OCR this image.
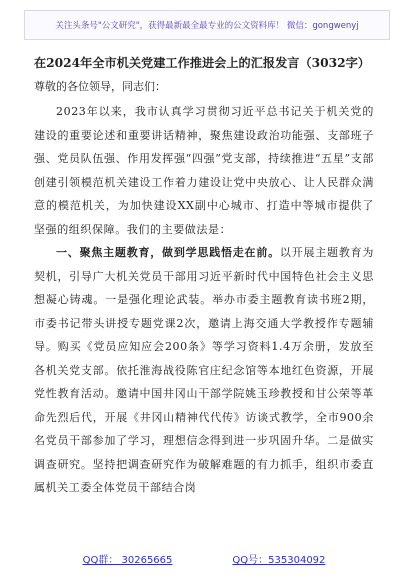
关注头条号"公文研究"，获得最新最全最专业的公文资料库！ 微信：gongwenyj
在2024年全市机关党建工作推进会上的汇报发言（3032字）
尊敬的各位领导，同志们：

2023年以来，我市认真学习贯彻习近平总书记关于机关党的建设的重要论述和重要讲话精神，聚焦建设政治功能强、支部班子强、党员队伍强、作用发挥强“四强”党支部，持续推进“五星”支部创建引领模范机关建设工作着力建设让党中央放心、让人民群众满意的模范机关，为加快建设XX副中心城市、打造中等城市提供了坚强的组织保障。我们的主要做法是：

一、聚焦主题教育，做到学思践悟走在前。以开展主题教育为契机，引导广大机关党员干部用习近平新时代中国特色社会主义思想凝心铸魂。一是强化理论武装。举办市委主题教育读书班2期，市委书记带头讲授专题党课2次，邀请上海交通大学教授作专题辅导。购买《党员应知应会200条》等学习资料1.4万余册，发放至各机关党支部。依托淮海战役陈官庄纪念馆等本地红色资源，开展党性教育活动。邀请中国井冈山干部学院姚玉珍教授和甘公荣等革命先烈后代，开展《井冈山精神代代传》访谈式教学，全市900余名党员干部参加了学习，理想信念得到进一步巩固升华。二是做实调查研究。坚持把调查研究作为破解难题的有力抓手，组织市委直属机关工委全体党员干部结合岗

QQ群： 30265665	QQ号：535304092
